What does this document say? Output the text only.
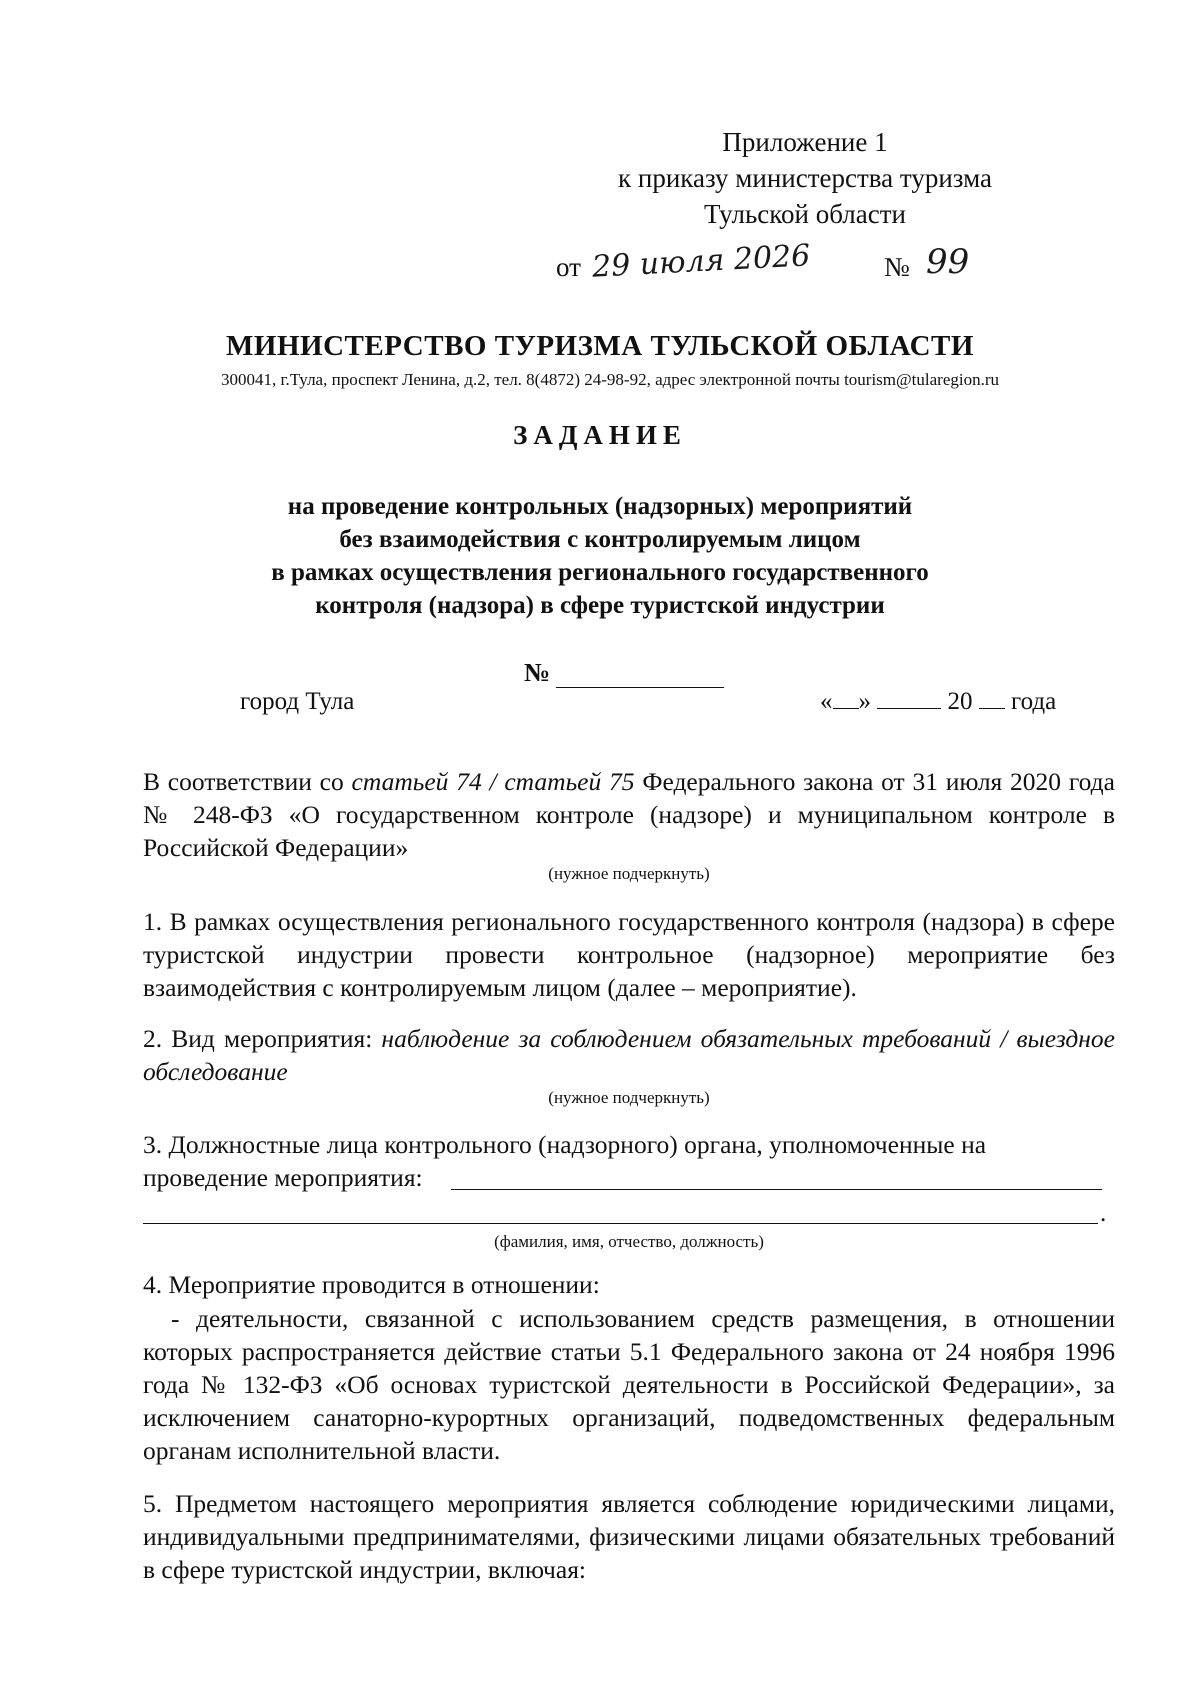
Приложение 1
к приказу министерства туризма
Тульской области
от 29 июля 2026	№ 99
МИНИСТЕРСТВО ТУРИЗМА ТУЛЬСКОЙ ОБЛАСТИ
300041, г.Тула, проспект Ленина, д.2, тел. 8(4872) 24-98-92, адрес электронной почты tourism@tularegion.ru
ЗАДАНИЕ
на проведение контрольных (надзорных) мероприятий
без взаимодействия с контролируемым лицом
в рамках осуществления регионального государственного
контроля (надзора) в сфере туристской индустрии
№
город Тула	« »	20 года
В соответствии со статьей 74 / статьей 75 Федерального закона от 31 июля 2020 года № 248-ФЗ «О государственном контроле (надзоре) и муниципальном контроле в Российской Федерации»
(нужное подчеркнуть)
1. В рамках осуществления регионального государственного контроля (надзора) в сфере туристской индустрии провести контрольное (надзорное) мероприятие без взаимодействия с контролируемым лицом (далее – мероприятие).
2. Вид мероприятия: наблюдение за соблюдением обязательных требований / выездное обследование
(нужное подчеркнуть)
3. Должностные лица контрольного (надзорного) органа, уполномоченные на
проведение мероприятия:
.
(фамилия, имя, отчество, должность)
4. Мероприятие проводится в отношении:
- деятельности, связанной с использованием средств размещения, в отношении которых распространяется действие статьи 5.1 Федерального закона от 24 ноября 1996 года № 132-ФЗ «Об основах туристской деятельности в Российской Федерации», за исключением санаторно-курортных организаций, подведомственных федеральным органам исполнительной власти.
5. Предметом настоящего мероприятия является соблюдение юридическими лицами, индивидуальными предпринимателями, физическими лицами обязательных требований в сфере туристской индустрии, включая:
